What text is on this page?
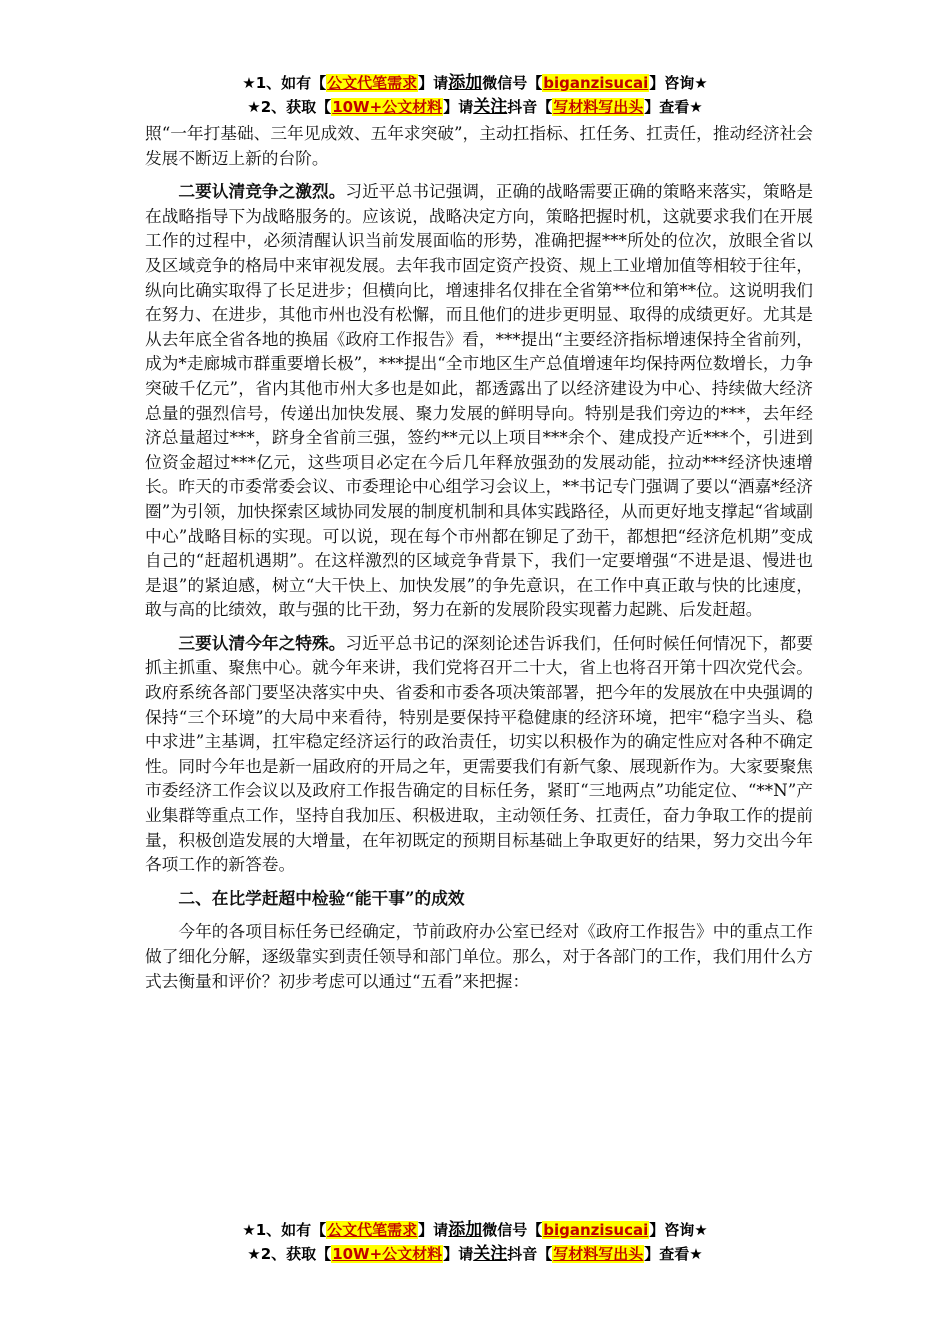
★1、如有【公文代笔需求】请添加微信号【biganzisucai】咨询★
★2、获取【10W+公文材料】请关注抖音【写材料写出头】查看★

照“一年打基础、三年见成效、五年求突破”，主动扛指标、扛任务、扛责任，推动经济社会发展不断迈上新的台阶。

二要认清竞争之激烈。习近平总书记强调，正确的战略需要正确的策略来落实，策略是在战略指导下为战略服务的。应该说，战略决定方向，策略把握时机，这就要求我们在开展工作的过程中，必须清醒认识当前发展面临的形势，准确把握***所处的位次，放眼全省以及区域竞争的格局中来审视发展。去年我市固定资产投资、规上工业增加值等相较于往年，纵向比确实取得了长足进步；但横向比，增速排名仅排在全省第**位和第**位。这说明我们在努力、在进步，其他市州也没有松懈，而且他们的进步更明显、取得的成绩更好。尤其是从去年底全省各地的换届《政府工作报告》看，***提出“主要经济指标增速保持全省前列，成为*走廊城市群重要增长极”，***提出“全市地区生产总值增速年均保持两位数增长，力争突破千亿元”，省内其他市州大多也是如此，都透露出了以经济建设为中心、持续做大经济总量的强烈信号，传递出加快发展、聚力发展的鲜明导向。特别是我们旁边的***，去年经济总量超过***，跻身全省前三强，签约**元以上项目***余个、建成投产近***个，引进到位资金超过***亿元，这些项目必定在今后几年释放强劲的发展动能，拉动***经济快速增长。昨天的市委常委会议、市委理论中心组学习会议上，**书记专门强调了要以“酒嘉*经济圈”为引领，加快探索区域协同发展的制度机制和具体实践路径，从而更好地支撑起“省域副中心”战略目标的实现。可以说，现在每个市州都在铆足了劲干，都想把“经济危机期”变成自己的“赶超机遇期”。在这样激烈的区域竞争背景下，我们一定要增强“不进是退、慢进也是退”的紧迫感，树立“大干快上、加快发展”的争先意识，在工作中真正敢与快的比速度，敢与高的比绩效，敢与强的比干劲，努力在新的发展阶段实现蓄力起跳、后发赶超。

三要认清今年之特殊。习近平总书记的深刻论述告诉我们，任何时候任何情况下，都要抓主抓重、聚焦中心。就今年来讲，我们党将召开二十大，省上也将召开第十四次党代会。政府系统各部门要坚决落实中央、省委和市委各项决策部署，把今年的发展放在中央强调的保持“三个环境”的大局中来看待，特别是要保持平稳健康的经济环境，把牢“稳字当头、稳中求进”主基调，扛牢稳定经济运行的政治责任，切实以积极作为的确定性应对各种不确定性。同时今年也是新一届政府的开局之年，更需要我们有新气象、展现新作为。大家要聚焦市委经济工作会议以及政府工作报告确定的目标任务，紧盯“三地两点”功能定位、“**N”产业集群等重点工作，坚持自我加压、积极进取，主动领任务、扛责任，奋力争取工作的提前量，积极创造发展的大增量，在年初既定的预期目标基础上争取更好的结果，努力交出今年各项工作的新答卷。

二、在比学赶超中检验“能干事”的成效

今年的各项目标任务已经确定，节前政府办公室已经对《政府工作报告》中的重点工作做了细化分解，逐级靠实到责任领导和部门单位。那么，对于各部门的工作，我们用什么方式去衡量和评价？初步考虑可以通过“五看”来把握：

★1、如有【公文代笔需求】请添加微信号【biganzisucai】咨询★
★2、获取【10W+公文材料】请关注抖音【写材料写出头】查看★
